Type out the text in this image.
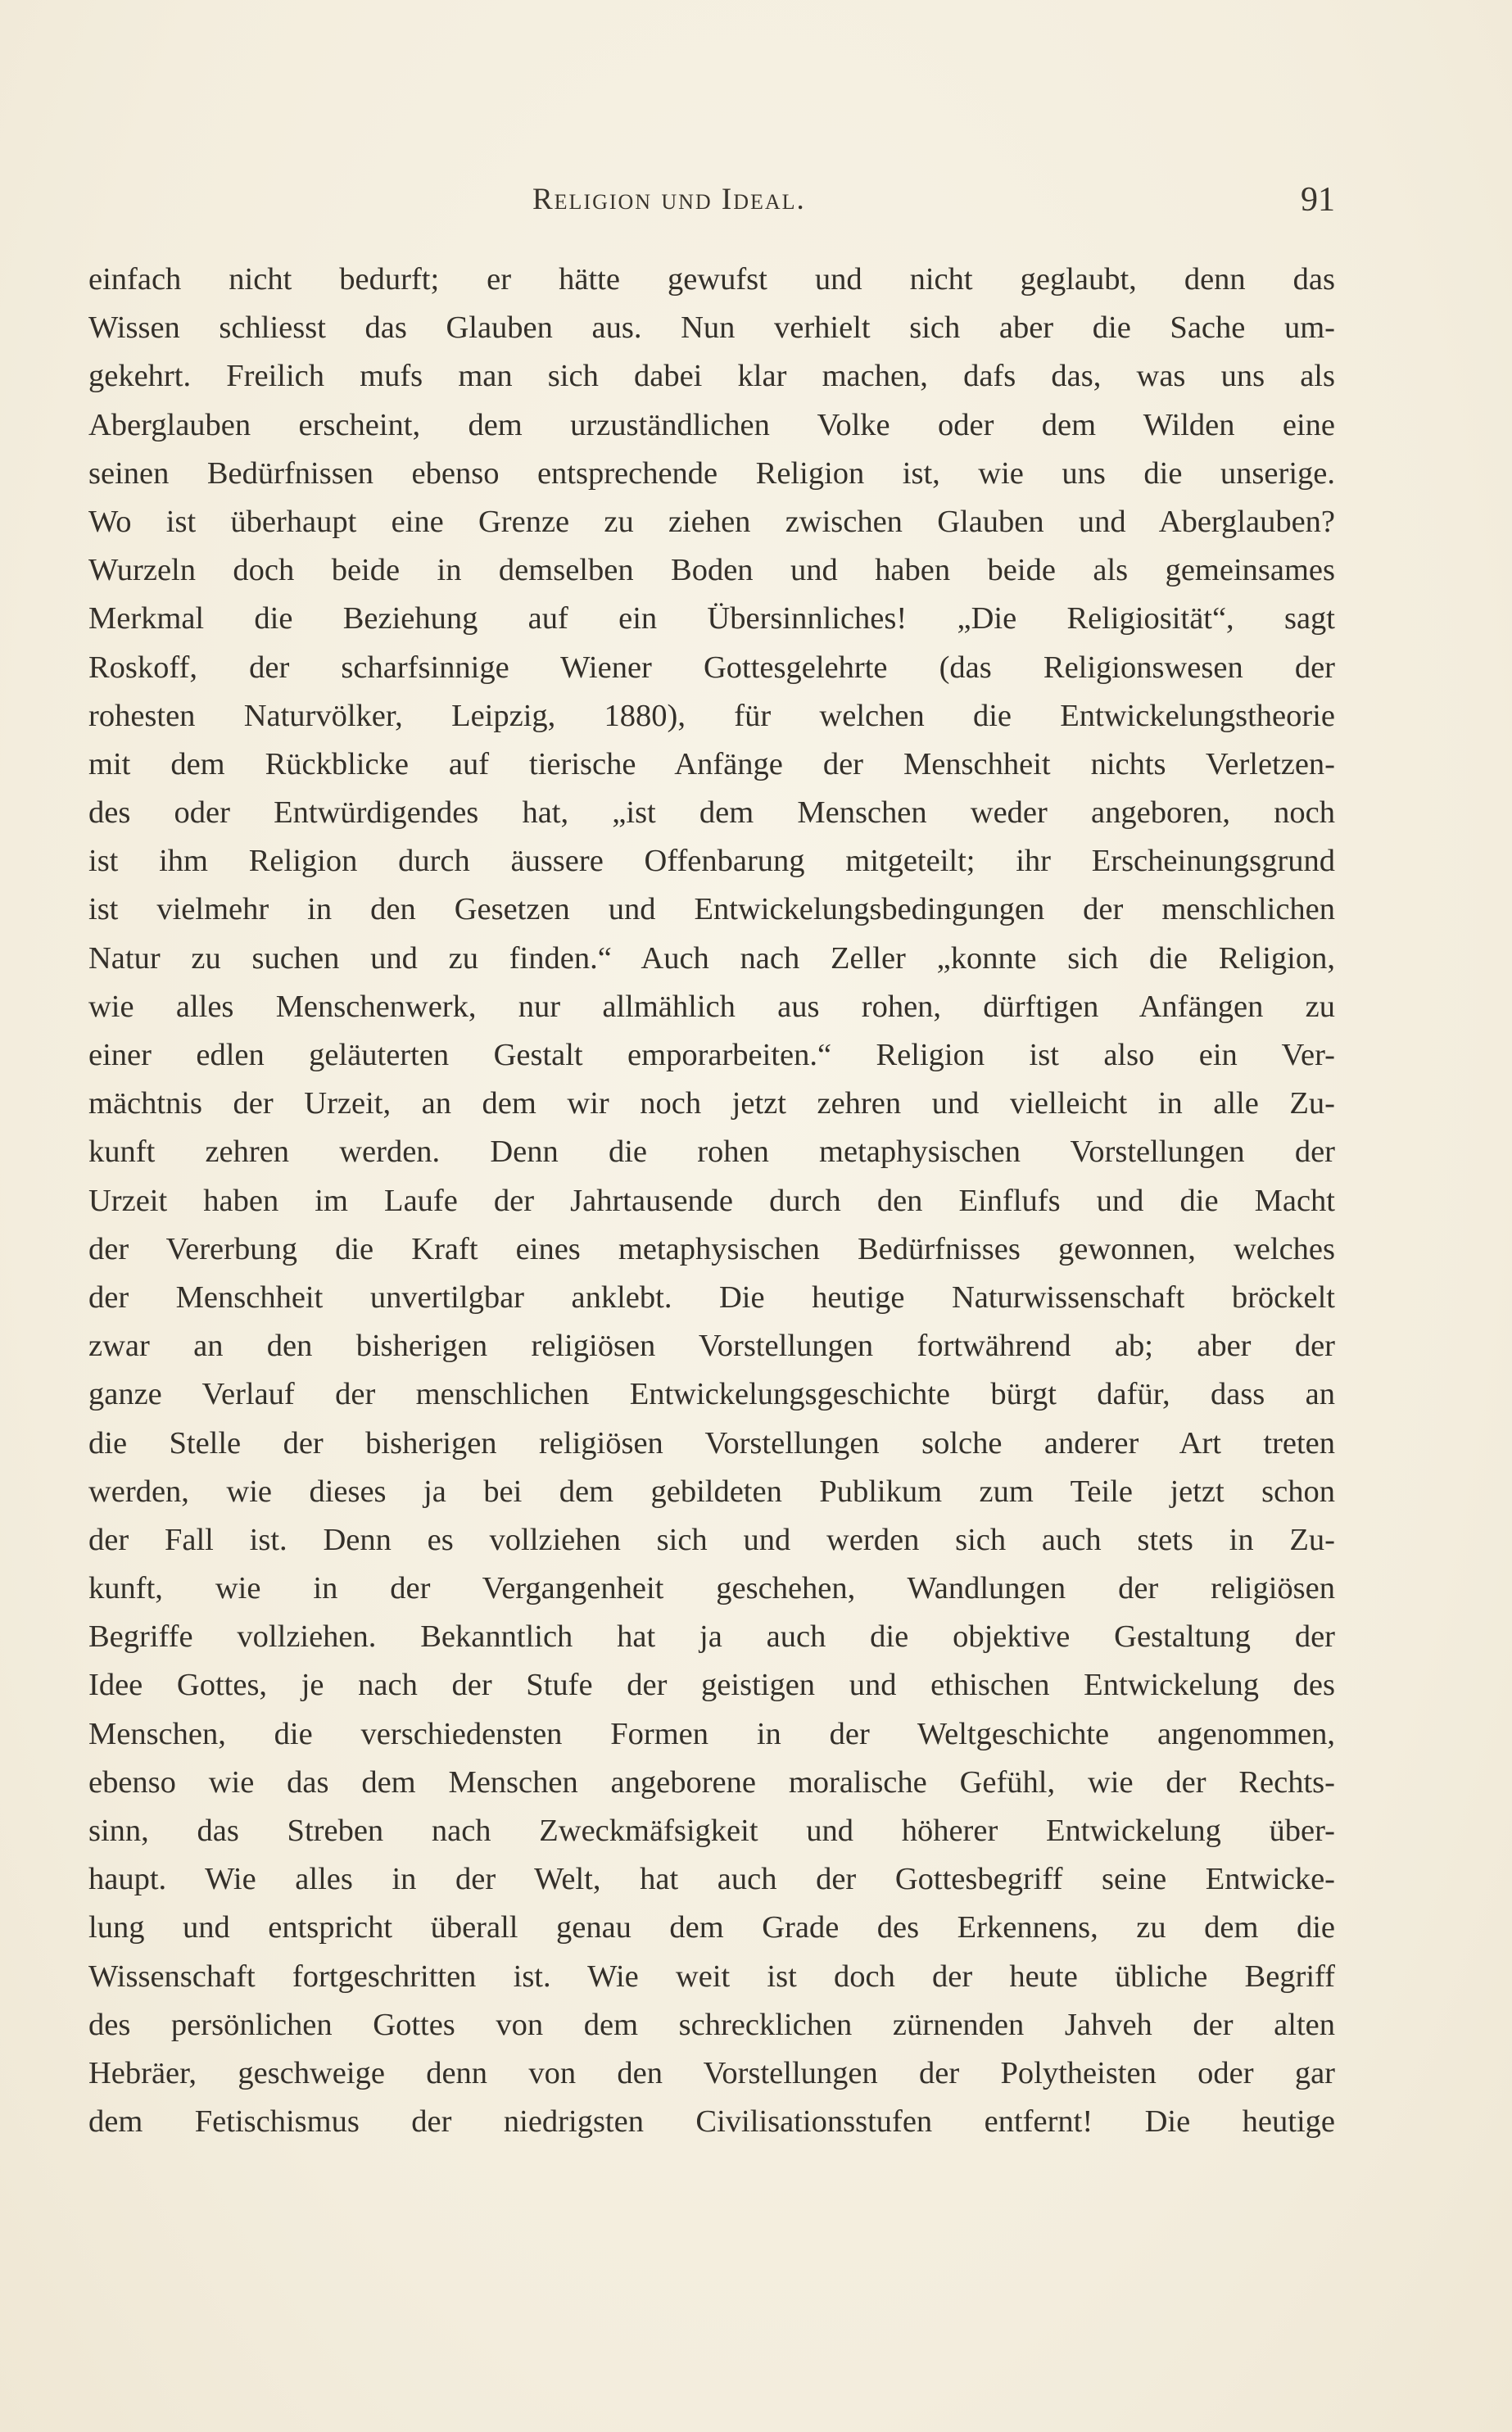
Religion und Ideal.	91
einfach nicht bedurft; er hätte gewufst und nicht geglaubt, denn das
Wissen schliesst das Glauben aus. Nun verhielt sich aber die Sache um-
gekehrt. Freilich mufs man sich dabei klar machen, dafs das, was uns als
Aberglauben erscheint, dem urzuständlichen Volke oder dem Wilden eine
seinen Bedürfnissen ebenso entsprechende Religion ist, wie uns die unserige.
Wo ist überhaupt eine Grenze zu ziehen zwischen Glauben und Aberglauben?
Wurzeln doch beide in demselben Boden und haben beide als gemeinsames
Merkmal die Beziehung auf ein Übersinnliches! „Die Religiosität“, sagt
Roskoff, der scharfsinnige Wiener Gottesgelehrte (das Religionswesen der
rohesten Naturvölker, Leipzig, 1880), für welchen die Entwickelungstheorie
mit dem Rückblicke auf tierische Anfänge der Menschheit nichts Verletzen-
des oder Entwürdigendes hat, „ist dem Menschen weder angeboren, noch
ist ihm Religion durch äussere Offenbarung mitgeteilt; ihr Erscheinungsgrund
ist vielmehr in den Gesetzen und Entwickelungsbedingungen der menschlichen
Natur zu suchen und zu finden.“ Auch nach Zeller „konnte sich die Religion,
wie alles Menschenwerk, nur allmählich aus rohen, dürftigen Anfängen zu
einer edlen geläuterten Gestalt emporarbeiten.“ Religion ist also ein Ver-
mächtnis der Urzeit, an dem wir noch jetzt zehren und vielleicht in alle Zu-
kunft zehren werden. Denn die rohen metaphysischen Vorstellungen der
Urzeit haben im Laufe der Jahrtausende durch den Einflufs und die Macht
der Vererbung die Kraft eines metaphysischen Bedürfnisses gewonnen, welches
der Menschheit unvertilgbar anklebt. Die heutige Naturwissenschaft bröckelt
zwar an den bisherigen religiösen Vorstellungen fortwährend ab; aber der
ganze Verlauf der menschlichen Entwickelungsgeschichte bürgt dafür, dass an
die Stelle der bisherigen religiösen Vorstellungen solche anderer Art treten
werden, wie dieses ja bei dem gebildeten Publikum zum Teile jetzt schon
der Fall ist. Denn es vollziehen sich und werden sich auch stets in Zu-
kunft, wie in der Vergangenheit geschehen, Wandlungen der religiösen
Begriffe vollziehen. Bekanntlich hat ja auch die objektive Gestaltung der
Idee Gottes, je nach der Stufe der geistigen und ethischen Entwickelung des
Menschen, die verschiedensten Formen in der Weltgeschichte angenommen,
ebenso wie das dem Menschen angeborene moralische Gefühl, wie der Rechts-
sinn, das Streben nach Zweckmäfsigkeit und höherer Entwickelung über-
haupt. Wie alles in der Welt, hat auch der Gottesbegriff seine Entwicke-
lung und entspricht überall genau dem Grade des Erkennens, zu dem die
Wissenschaft fortgeschritten ist. Wie weit ist doch der heute übliche Begriff
des persönlichen Gottes von dem schrecklichen zürnenden Jahveh der alten
Hebräer, geschweige denn von den Vorstellungen der Polytheisten oder gar
dem Fetischismus der niedrigsten Civilisationsstufen entfernt! Die heutige
